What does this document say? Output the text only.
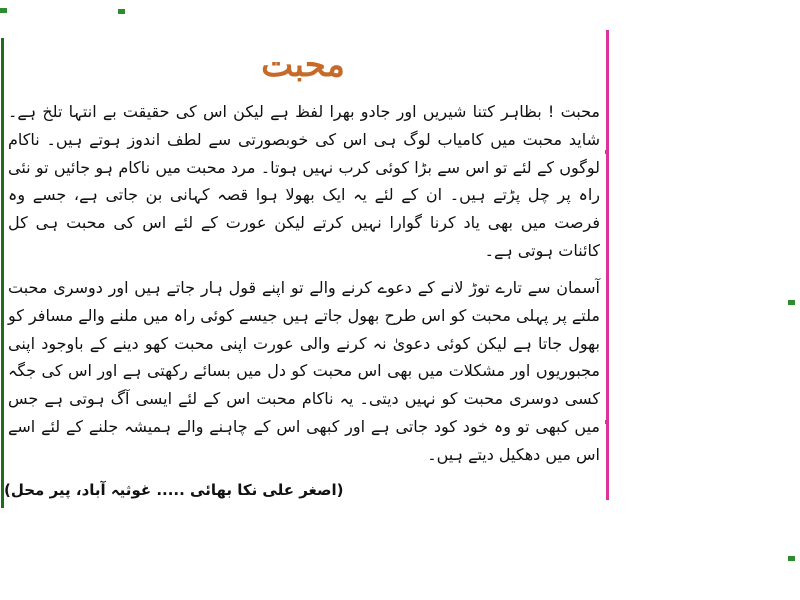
محبت

محبت ! بظاہر کتنا شیریں اور جادو بھرا لفظ ہے لیکن اس کی حقیقت بے انتہا تلخ ہے۔ شاید محبت میں کامیاب لوگ ہی اس کی خوبصورتی سے لطف اندوز ہوتے ہیں۔ ناکام لوگوں کے لئے تو اس سے بڑا کوئی کرب نہیں ہوتا۔ مرد محبت میں ناکام ہو جائیں تو نئی راہ پر چل پڑتے ہیں۔ ان کے لئے یہ ایک بھولا ہوا قصہ کہانی بن جاتی ہے، جسے وہ فرصت میں بھی یاد کرنا گوارا نہیں کرتے لیکن عورت کے لئے اس کی محبت ہی کل کائنات ہوتی ہے۔

آسمان سے تارے توڑ لانے کے دعوے کرنے والے تو اپنے قول ہار جاتے ہیں اور دوسری محبت ملتے پر پہلی محبت کو اس طرح بھول جاتے ہیں جیسے کوئی راہ میں ملنے والے مسافر کو بھول جاتا ہے لیکن کوئی دعویٰ نہ کرنے والی عورت اپنی محبت کھو دینے کے باوجود اپنی مجبوریوں اور مشکلات میں بھی اس محبت کو دل میں بسائے رکھتی ہے اور اس کی جگہ کسی دوسری محبت کو نہیں دیتی۔ یہ ناکام محبت اس کے لئے ایسی آگ ہوتی ہے جس میں کبھی تو وہ خود کود جاتی ہے اور کبھی اس کے چاہنے والے ہمیشہ جلنے کے لئے اسے اس میں دھکیل دیتے ہیں۔

(اصغر علی نکا بھائی ..... غوثیہ آباد، پیر محل)
